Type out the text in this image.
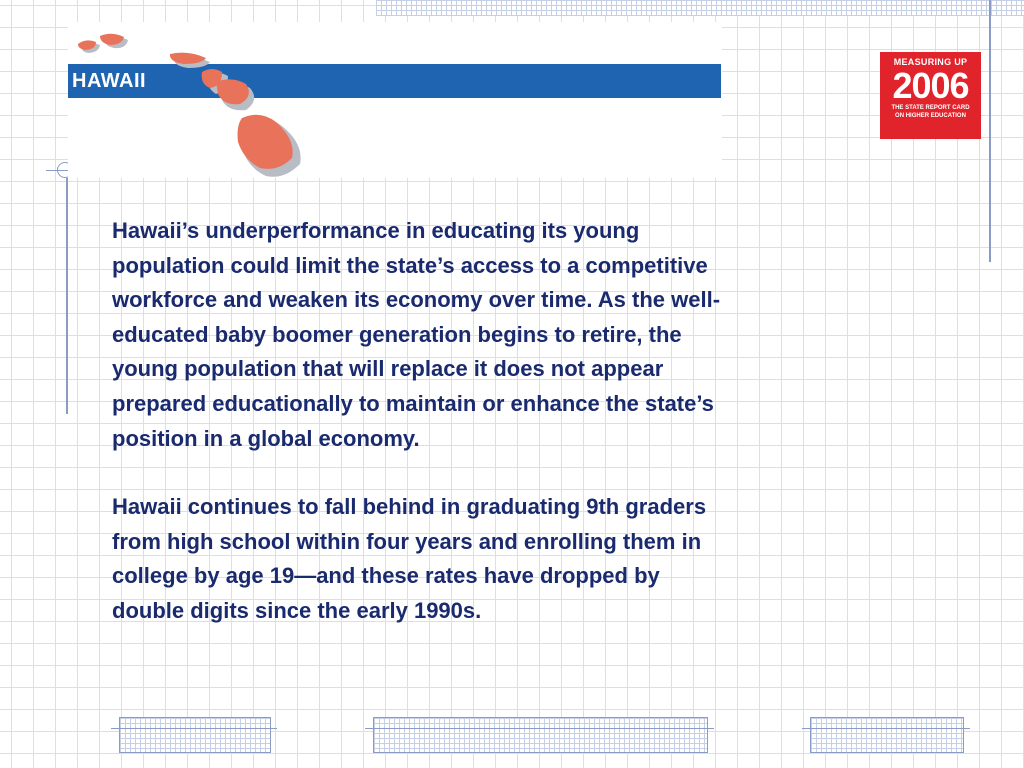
HAWAII
MEASURING UP
2006
THE STATE REPORT CARD
ON HIGHER EDUCATION

Hawaii’s underperformance in educating its young
population could limit the state’s access to a competitive
workforce and weaken its economy over time. As the well-
educated baby boomer generation begins to retire, the
young population that will replace it does not appear
prepared educationally to maintain or enhance the state’s
position in a global economy.

Hawaii continues to fall behind in graduating 9th graders
from high school within four years and enrolling them in
college by age 19—and these rates have dropped by
double digits since the early 1990s.
